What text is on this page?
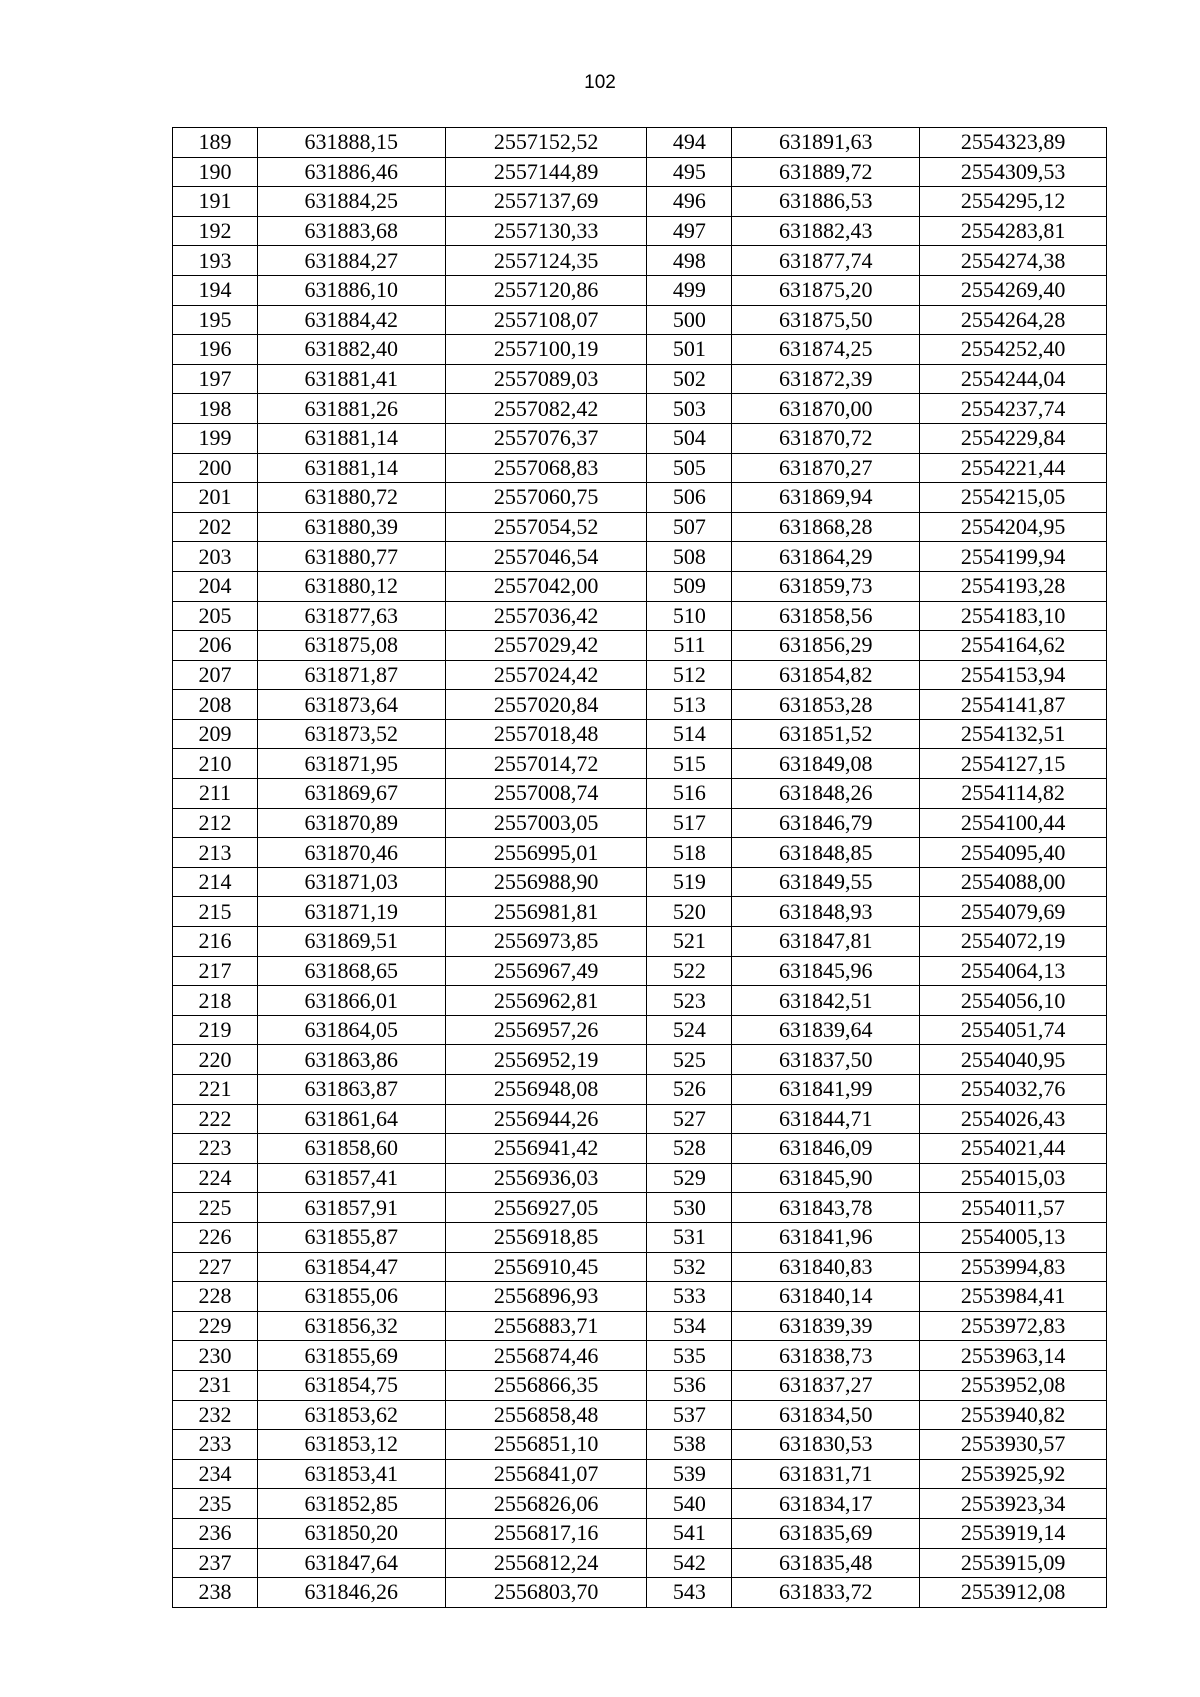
102
189	631888,15	2557152,52	494	631891,63	2554323,89
190	631886,46	2557144,89	495	631889,72	2554309,53
191	631884,25	2557137,69	496	631886,53	2554295,12
192	631883,68	2557130,33	497	631882,43	2554283,81
193	631884,27	2557124,35	498	631877,74	2554274,38
194	631886,10	2557120,86	499	631875,20	2554269,40
195	631884,42	2557108,07	500	631875,50	2554264,28
196	631882,40	2557100,19	501	631874,25	2554252,40
197	631881,41	2557089,03	502	631872,39	2554244,04
198	631881,26	2557082,42	503	631870,00	2554237,74
199	631881,14	2557076,37	504	631870,72	2554229,84
200	631881,14	2557068,83	505	631870,27	2554221,44
201	631880,72	2557060,75	506	631869,94	2554215,05
202	631880,39	2557054,52	507	631868,28	2554204,95
203	631880,77	2557046,54	508	631864,29	2554199,94
204	631880,12	2557042,00	509	631859,73	2554193,28
205	631877,63	2557036,42	510	631858,56	2554183,10
206	631875,08	2557029,42	511	631856,29	2554164,62
207	631871,87	2557024,42	512	631854,82	2554153,94
208	631873,64	2557020,84	513	631853,28	2554141,87
209	631873,52	2557018,48	514	631851,52	2554132,51
210	631871,95	2557014,72	515	631849,08	2554127,15
211	631869,67	2557008,74	516	631848,26	2554114,82
212	631870,89	2557003,05	517	631846,79	2554100,44
213	631870,46	2556995,01	518	631848,85	2554095,40
214	631871,03	2556988,90	519	631849,55	2554088,00
215	631871,19	2556981,81	520	631848,93	2554079,69
216	631869,51	2556973,85	521	631847,81	2554072,19
217	631868,65	2556967,49	522	631845,96	2554064,13
218	631866,01	2556962,81	523	631842,51	2554056,10
219	631864,05	2556957,26	524	631839,64	2554051,74
220	631863,86	2556952,19	525	631837,50	2554040,95
221	631863,87	2556948,08	526	631841,99	2554032,76
222	631861,64	2556944,26	527	631844,71	2554026,43
223	631858,60	2556941,42	528	631846,09	2554021,44
224	631857,41	2556936,03	529	631845,90	2554015,03
225	631857,91	2556927,05	530	631843,78	2554011,57
226	631855,87	2556918,85	531	631841,96	2554005,13
227	631854,47	2556910,45	532	631840,83	2553994,83
228	631855,06	2556896,93	533	631840,14	2553984,41
229	631856,32	2556883,71	534	631839,39	2553972,83
230	631855,69	2556874,46	535	631838,73	2553963,14
231	631854,75	2556866,35	536	631837,27	2553952,08
232	631853,62	2556858,48	537	631834,50	2553940,82
233	631853,12	2556851,10	538	631830,53	2553930,57
234	631853,41	2556841,07	539	631831,71	2553925,92
235	631852,85	2556826,06	540	631834,17	2553923,34
236	631850,20	2556817,16	541	631835,69	2553919,14
237	631847,64	2556812,24	542	631835,48	2553915,09
238	631846,26	2556803,70	543	631833,72	2553912,08
